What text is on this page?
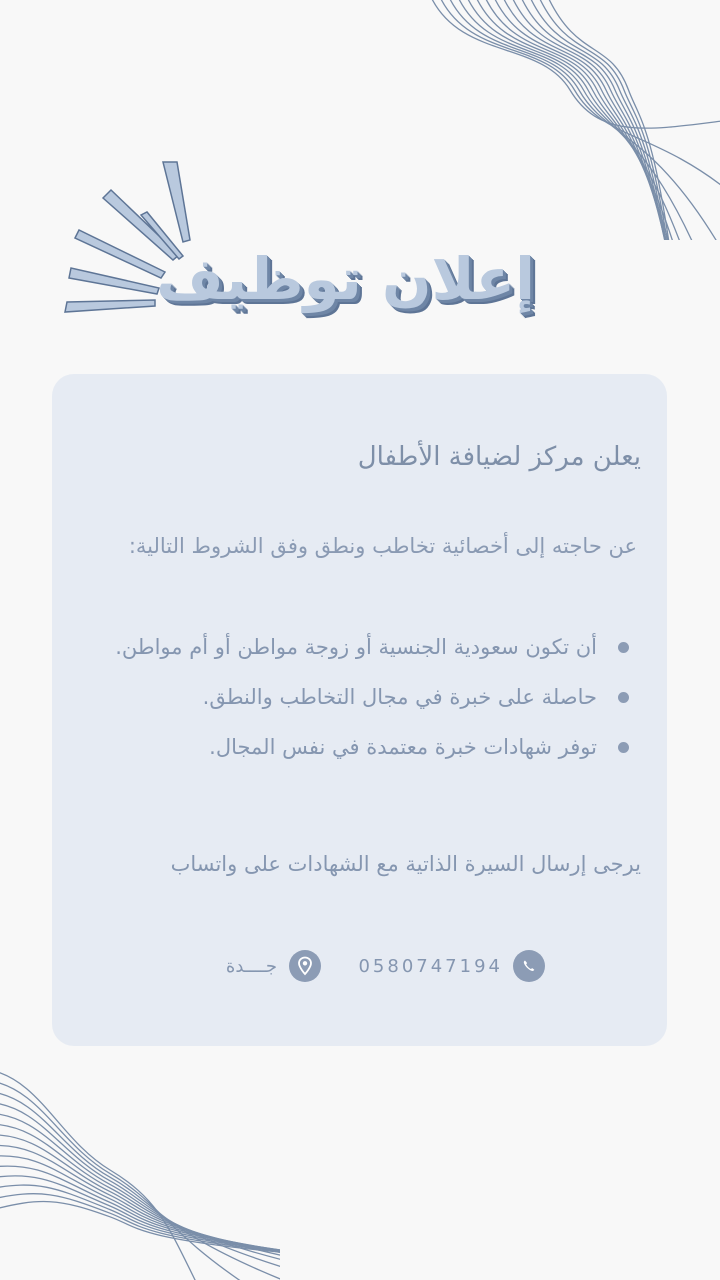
إعلان توظيف
يعلن مركز لضيافة الأطفال

عن حاجته إلى أخصائية تخاطب ونطق وفق الشروط التالية:

أن تكون سعودية الجنسية أو زوجة مواطن أو أم مواطن.
حاصلة على خبرة في مجال التخاطب والنطق.
توفر شهادات خبرة معتمدة في نفس المجال.

يرجى إرسال السيرة الذاتية مع الشهادات على واتساب

0580747194
جــــدة
